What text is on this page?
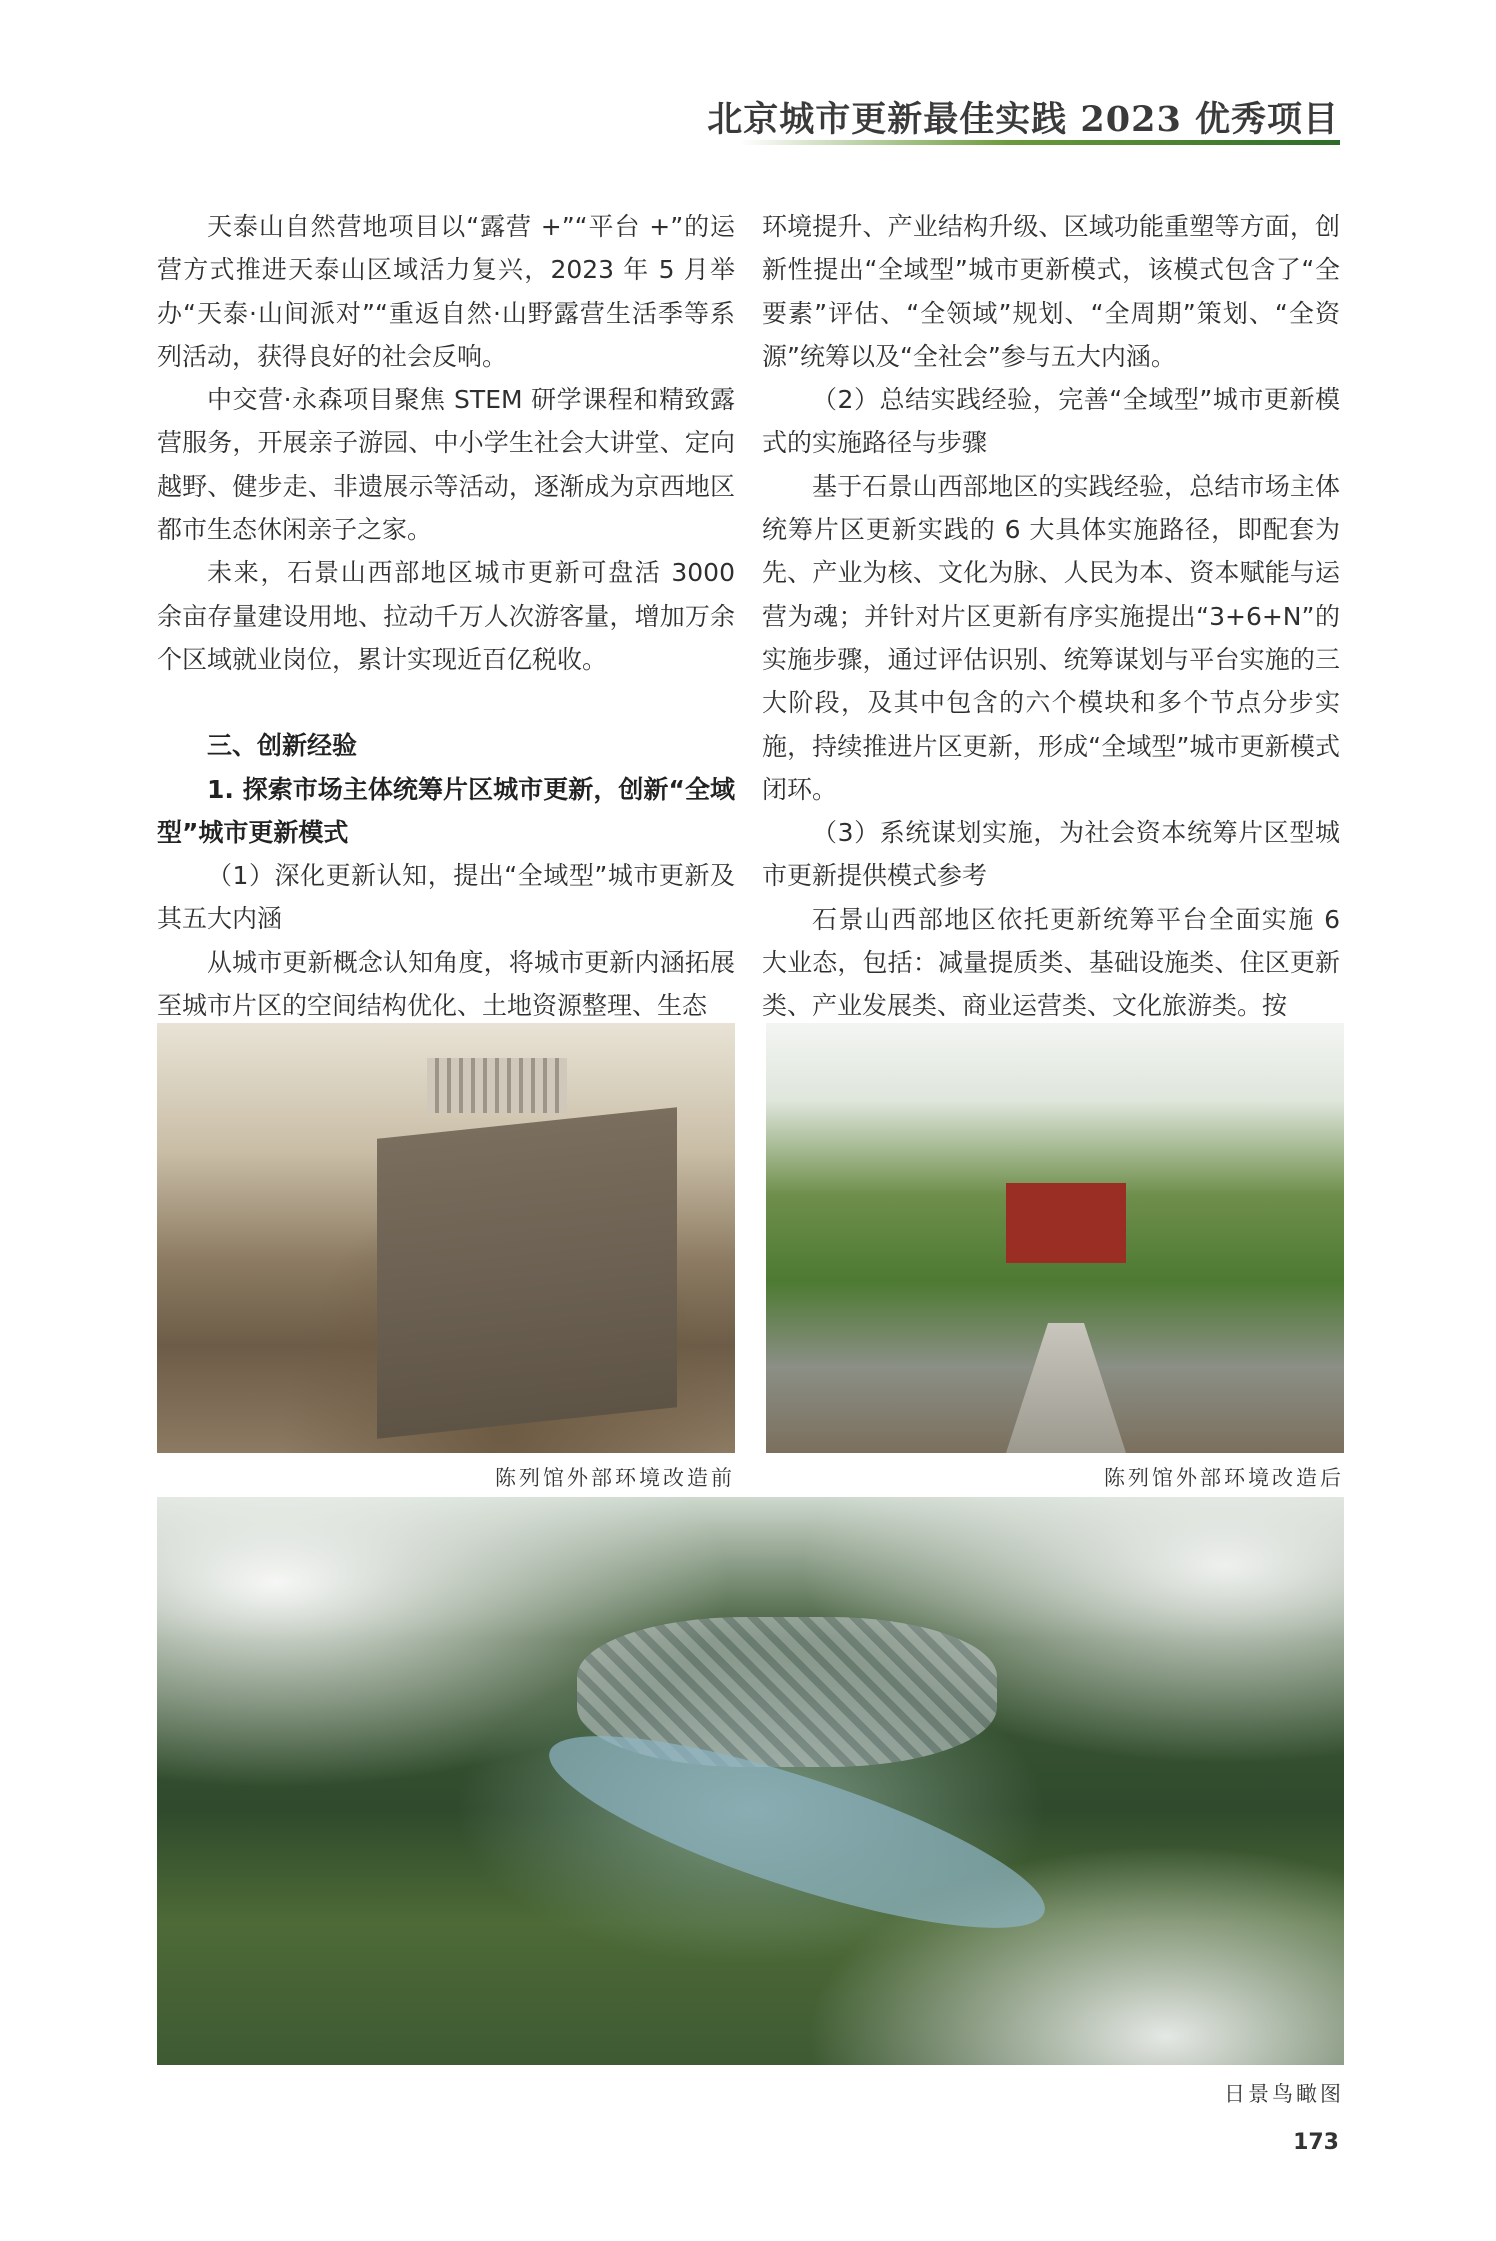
北京城市更新最佳实践 2023 优秀项目

天泰山自然营地项目以“露营 +”“平台 +”的运营方式推进天泰山区域活力复兴，2023 年 5 月举办“天泰·山间派对”“重返自然·山野露营生活季等系列活动，获得良好的社会反响。

中交营·永森项目聚焦 STEM 研学课程和精致露营服务，开展亲子游园、中小学生社会大讲堂、定向越野、健步走、非遗展示等活动，逐渐成为京西地区都市生态休闲亲子之家。

未来，石景山西部地区城市更新可盘活 3000 余亩存量建设用地、拉动千万人次游客量，增加万余个区域就业岗位，累计实现近百亿税收。

三、创新经验

1. 探索市场主体统筹片区城市更新，创新“全域型”城市更新模式

（1）深化更新认知，提出“全域型”城市更新及其五大内涵

从城市更新概念认知角度，将城市更新内涵拓展至城市片区的空间结构优化、土地资源整理、生态

环境提升、产业结构升级、区域功能重塑等方面，创新性提出“全域型”城市更新模式，该模式包含了“全要素”评估、“全领域”规划、“全周期”策划、“全资源”统筹以及“全社会”参与五大内涵。

（2）总结实践经验，完善“全域型”城市更新模式的实施路径与步骤

基于石景山西部地区的实践经验，总结市场主体统筹片区更新实践的 6 大具体实施路径，即配套为先、产业为核、文化为脉、人民为本、资本赋能与运营为魂；并针对片区更新有序实施提出“3+6+N”的实施步骤，通过评估识别、统筹谋划与平台实施的三大阶段，及其中包含的六个模块和多个节点分步实施，持续推进片区更新，形成“全域型”城市更新模式闭环。

（3）系统谋划实施，为社会资本统筹片区型城市更新提供模式参考

石景山西部地区依托更新统筹平台全面实施 6 大业态，包括：减量提质类、基础设施类、住区更新类、产业发展类、商业运营类、文化旅游类。按

陈列馆外部环境改造前	陈列馆外部环境改造后
日景鸟瞰图
173
